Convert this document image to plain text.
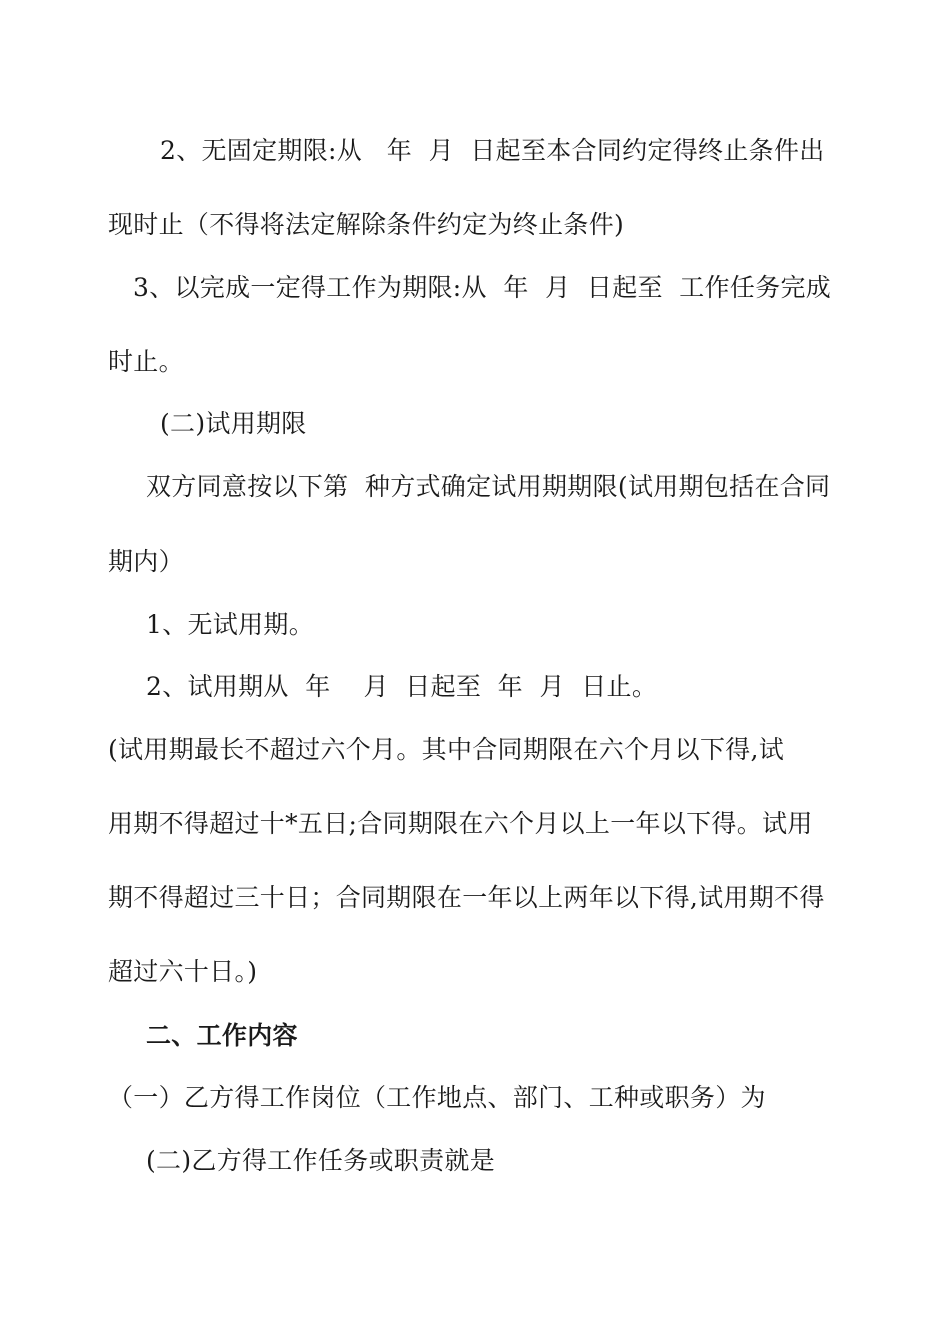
2、无固定期限:从   年  月  日起至本合同约定得终止条件出
现时止（不得将法定解除条件约定为终止条件)
3、以完成一定得工作为期限:从  年  月  日起至  工作任务完成
时止。
(二)试用期限
双方同意按以下第  种方式确定试用期期限(试用期包括在合同
期内）
1、无试用期。
2、试用期从  年    月  日起至  年  月  日止。
(试用期最长不超过六个月。其中合同期限在六个月以下得,试
用期不得超过十*五日;合同期限在六个月以上一年以下得。试用
期不得超过三十日；合同期限在一年以上两年以下得,试用期不得
超过六十日。)
二、工作内容
（一）乙方得工作岗位（工作地点、部门、工种或职务）为
(二)乙方得工作任务或职责就是
